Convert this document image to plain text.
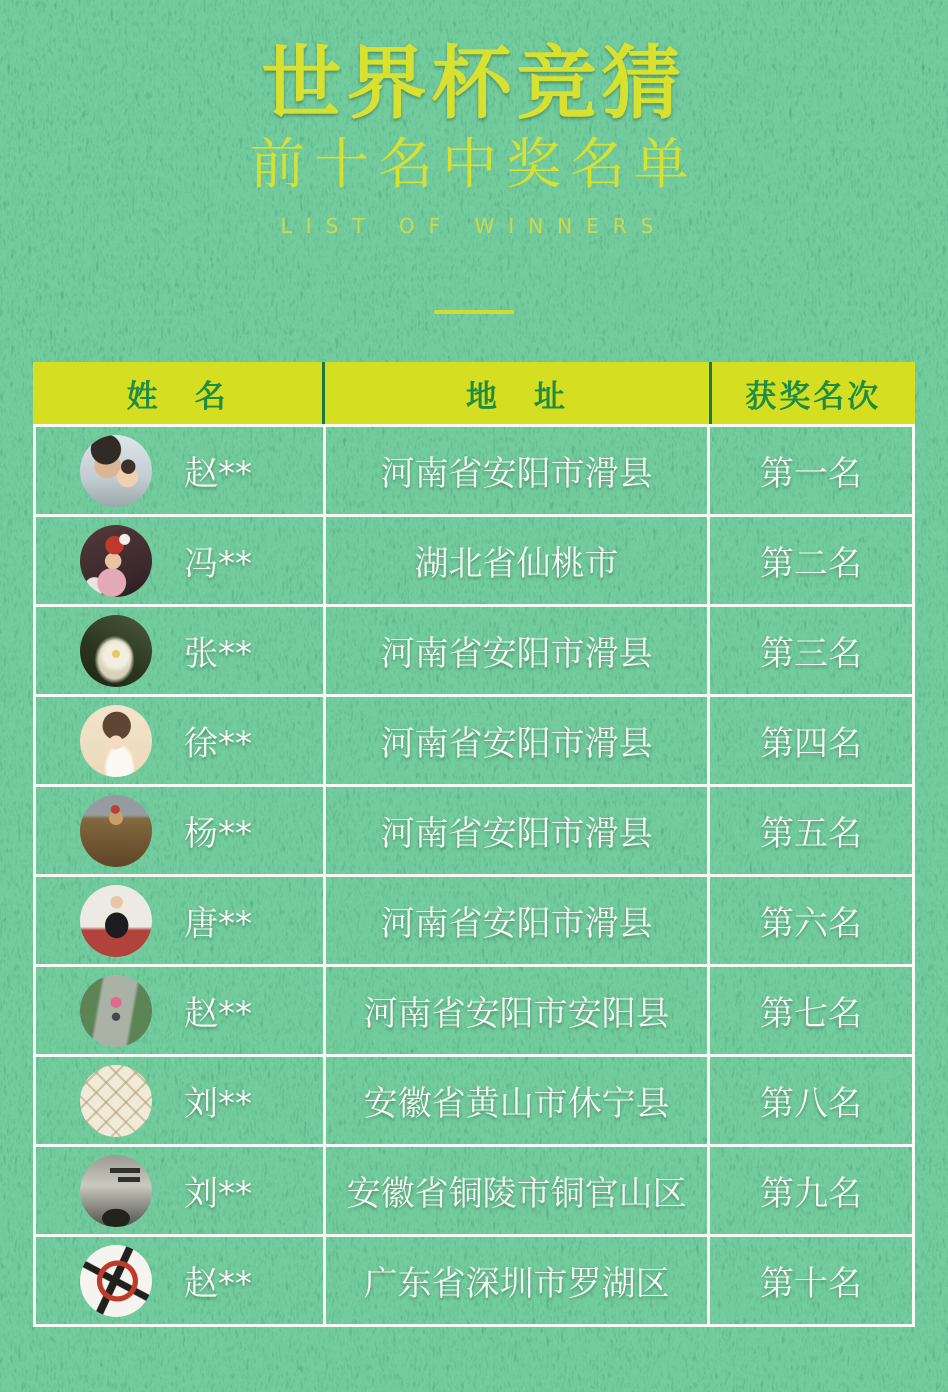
世界杯竞猜
前十名中奖名单
LIST OF WINNERS
姓　名	地　址	获奖名次
赵**	河南省安阳市滑县	第一名
冯**	湖北省仙桃市	第二名
张**	河南省安阳市滑县	第三名
徐**	河南省安阳市滑县	第四名
杨**	河南省安阳市滑县	第五名
唐**	河南省安阳市滑县	第六名
赵**	河南省安阳市安阳县	第七名
刘**	安徽省黄山市休宁县	第八名
刘**	安徽省铜陵市铜官山区	第九名
赵**	广东省深圳市罗湖区	第十名
